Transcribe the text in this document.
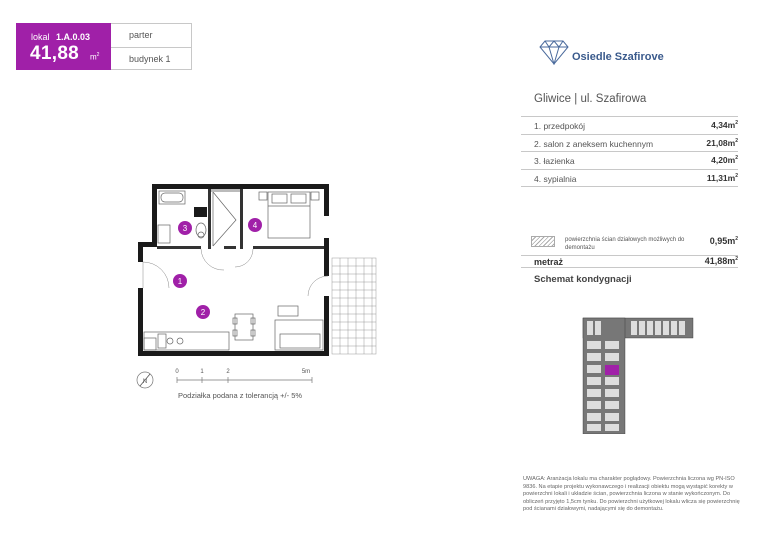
lokal 1.A.0.03
41,88 $m^2$
parter
budynek 1	Osiedle Szafirove
Gliwice | ul. Szafirowa
1. przedpokój	$4,34m^2$
2. salon z aneksem kuchennym	$21,08m^2$
3. łazienka	$4,20m^2$
4. sypialnia	$11,31m^2$
powierzchnia ścian działowych możliwych do demontażu
$0,95m^2$
metraż	$41,88m^2$
Schemat kondygnacji
1
2
3	4
N
0	1	2	5m
Podziałka podana z tolerancją +/- 5%
UWAGA: Aranżacja lokalu ma charakter poglądowy. Powierzchnia liczona wg PN-ISO 9836. Na etapie projektu wykonawczego i realizacji obiektu mogą wystąpić korekty w powierzchni lokali i układzie ścian, powierzchnia liczona w stanie wykończonym. Do obliczeń przyjęto 1,5cm tynku. Do powierzchni użytkowej lokalu wlicza się powierzchnię pod ścianami działowymi, nadającymi się do demontażu.
